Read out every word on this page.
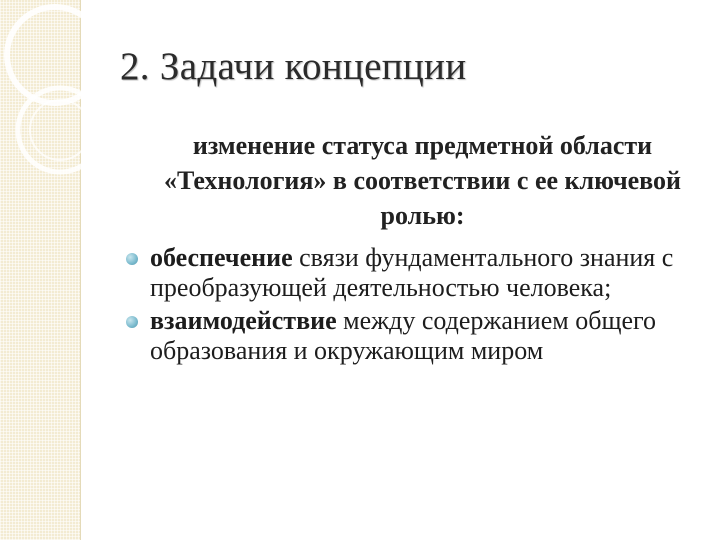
2. Задачи концепции
изменение статуса предметной области «Технология» в соответствии с ее ключевой ролью:
обеспечение связи фундаментального знания с преобразующей деятельностью человека;
взаимодействие между содержанием общего образования и окружающим миром
